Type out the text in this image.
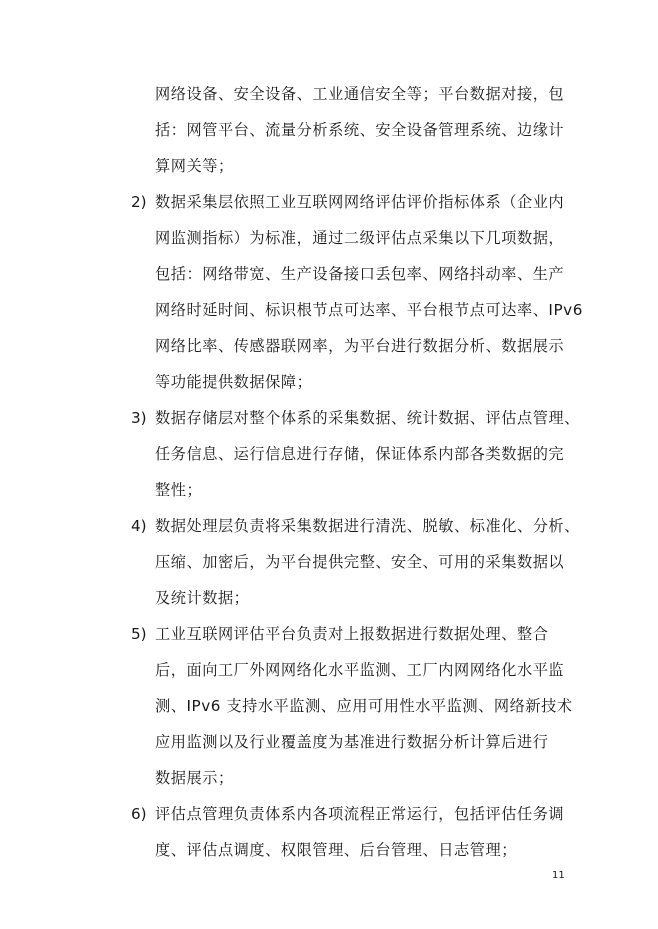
网络设备、安全设备、工业通信安全等；平台数据对接，包
括：网管平台、流量分析系统、安全设备管理系统、边缘计
算网关等；
2) 数据采集层依照工业互联网网络评估评价指标体系（企业内
网监测指标）为标准，通过二级评估点采集以下几项数据，
包括：网络带宽、生产设备接口丢包率、网络抖动率、生产
网络时延时间、标识根节点可达率、平台根节点可达率、IPv6
网络比率、传感器联网率，为平台进行数据分析、数据展示
等功能提供数据保障；
3) 数据存储层对整个体系的采集数据、统计数据、评估点管理、
任务信息、运行信息进行存储，保证体系内部各类数据的完
整性；
4) 数据处理层负责将采集数据进行清洗、脱敏、标准化、分析、
压缩、加密后，为平台提供完整、安全、可用的采集数据以
及统计数据；
5) 工业互联网评估平台负责对上报数据进行数据处理、整合
后，面向工厂外网网络化水平监测、工厂内网网络化水平监
测、IPv6 支持水平监测、应用可用性水平监测、网络新技术
应用监测以及行业覆盖度为基准进行数据分析计算后进行
数据展示；
6) 评估点管理负责体系内各项流程正常运行，包括评估任务调
度、评估点调度、权限管理、后台管理、日志管理；
11
